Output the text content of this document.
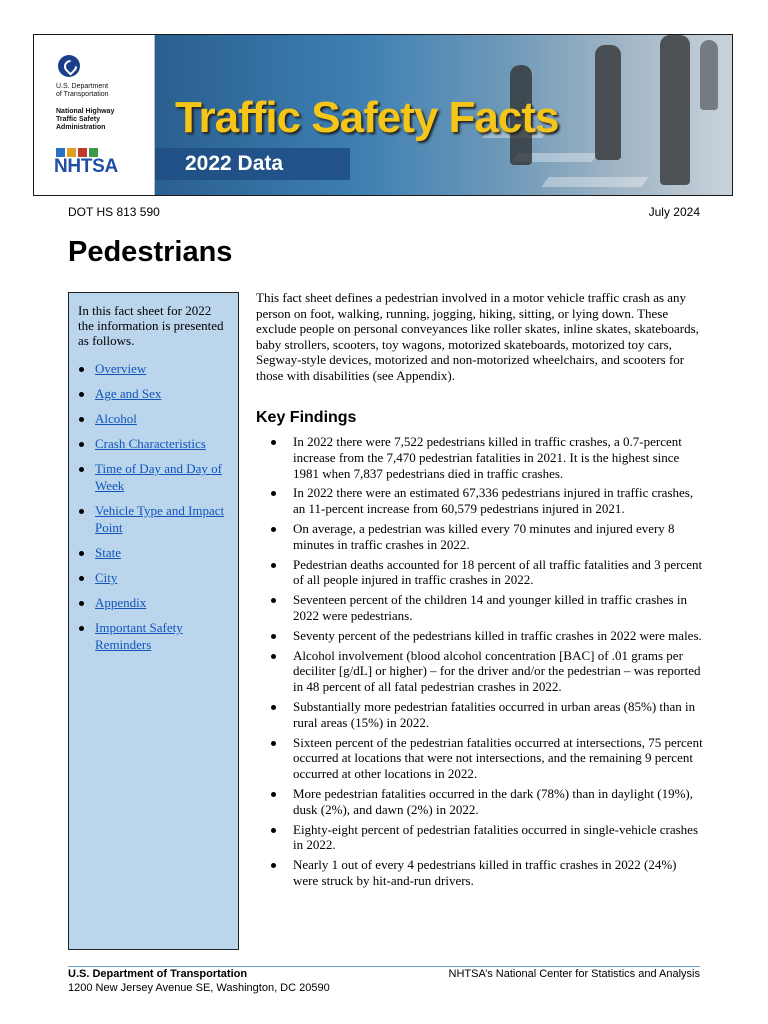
U.S. Department
of Transportation
National Highway
Traffic Safety
Administration
NHTSA
Traffic Safety Facts
2022 Data
DOT HS 813 590	July 2024
Pedestrians

In this fact sheet for 2022 the information is presented as follows.

Overview
Age and Sex
Alcohol
Crash Characteristics
Time of Day and Day of Week
Vehicle Type and Impact Point
State
City
Appendix
Important Safety Reminders

This fact sheet defines a pedestrian involved in a motor vehicle traffic crash as any person on foot, walking, running, jogging, hiking, sitting, or lying down. These exclude people on personal conveyances like roller skates, inline skates, skateboards, baby strollers, scooters, toy wagons, motorized skateboards, motorized toy cars, Segway-style devices, motorized and non-motorized wheelchairs, and scooters for those with disabilities (see Appendix).

Key Findings
In 2022 there were 7,522 pedestrians killed in traffic crashes, a 0.7-percent increase from the 7,470 pedestrian fatalities in 2021. It is the highest since 1981 when 7,837 pedestrians died in traffic crashes.
In 2022 there were an estimated 67,336 pedestrians injured in traffic crashes, an 11-percent increase from 60,579 pedestrians injured in 2021.
On average, a pedestrian was killed every 70 minutes and injured every 8 minutes in traffic crashes in 2022.
Pedestrian deaths accounted for 18 percent of all traffic fatalities and 3 percent of all people injured in traffic crashes in 2022.
Seventeen percent of the children 14 and younger killed in traffic crashes in 2022 were pedestrians.
Seventy percent of the pedestrians killed in traffic crashes in 2022 were males.
Alcohol involvement (blood alcohol concentration [BAC] of .01 grams per deciliter [g/dL] or higher) – for the driver and/or the pedestrian – was reported in 48 percent of all fatal pedestrian crashes in 2022.
Substantially more pedestrian fatalities occurred in urban areas (85%) than in rural areas (15%) in 2022.
Sixteen percent of the pedestrian fatalities occurred at intersections, 75 percent occurred at locations that were not intersections, and the remaining 9 percent occurred at other locations in 2022.
More pedestrian fatalities occurred in the dark (78%) than in daylight (19%), dusk (2%), and dawn (2%) in 2022.
Eighty-eight percent of pedestrian fatalities occurred in single-vehicle crashes in 2022.
Nearly 1 out of every 4 pedestrians killed in traffic crashes in 2022 (24%) were struck by hit-and-run drivers.
U.S. Department of Transportation
1200 New Jersey Avenue SE, Washington, DC 20590
NHTSA’s National Center for Statistics and Analysis
